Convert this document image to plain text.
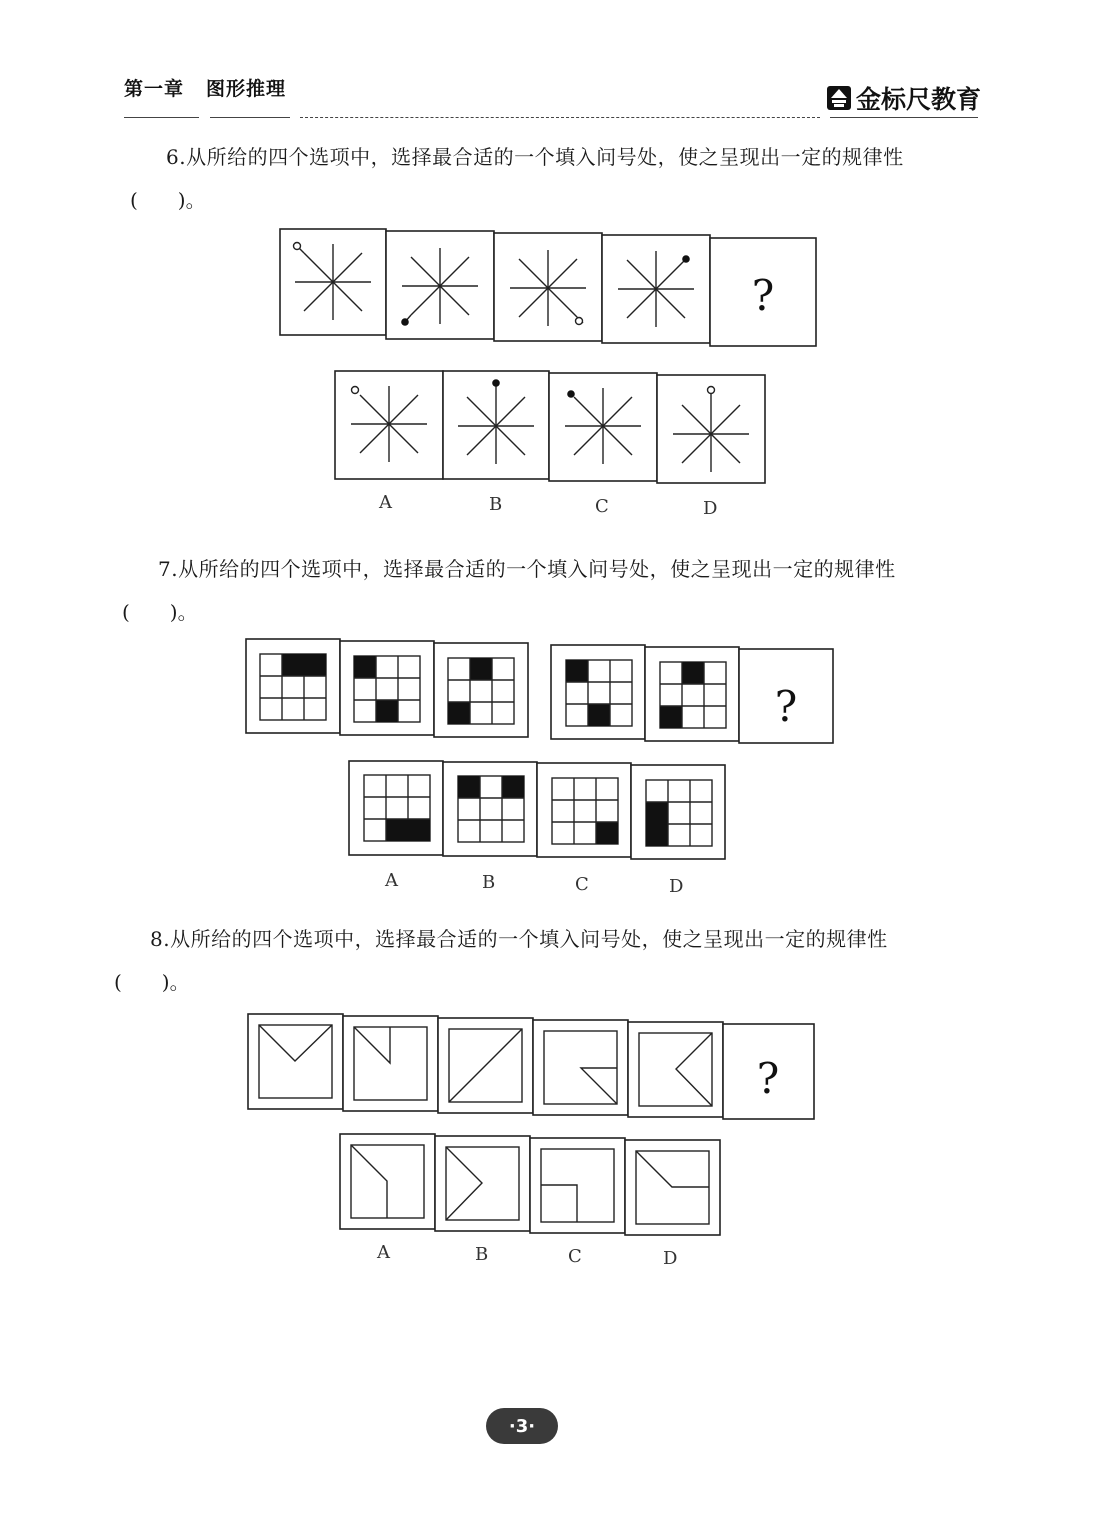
第一章 图形推理	金标尺教育
6.从所给的四个选项中，选择最合适的一个填入问号处，使之呈现出一定的规律性
(　　)。
?
A	B	C	D
7.从所给的四个选项中，选择最合适的一个填入问号处，使之呈现出一定的规律性
(　　)。
?
A	B	C	D
8.从所给的四个选项中，选择最合适的一个填入问号处，使之呈现出一定的规律性
(　　)。
?
A	B	C	D
·3·
